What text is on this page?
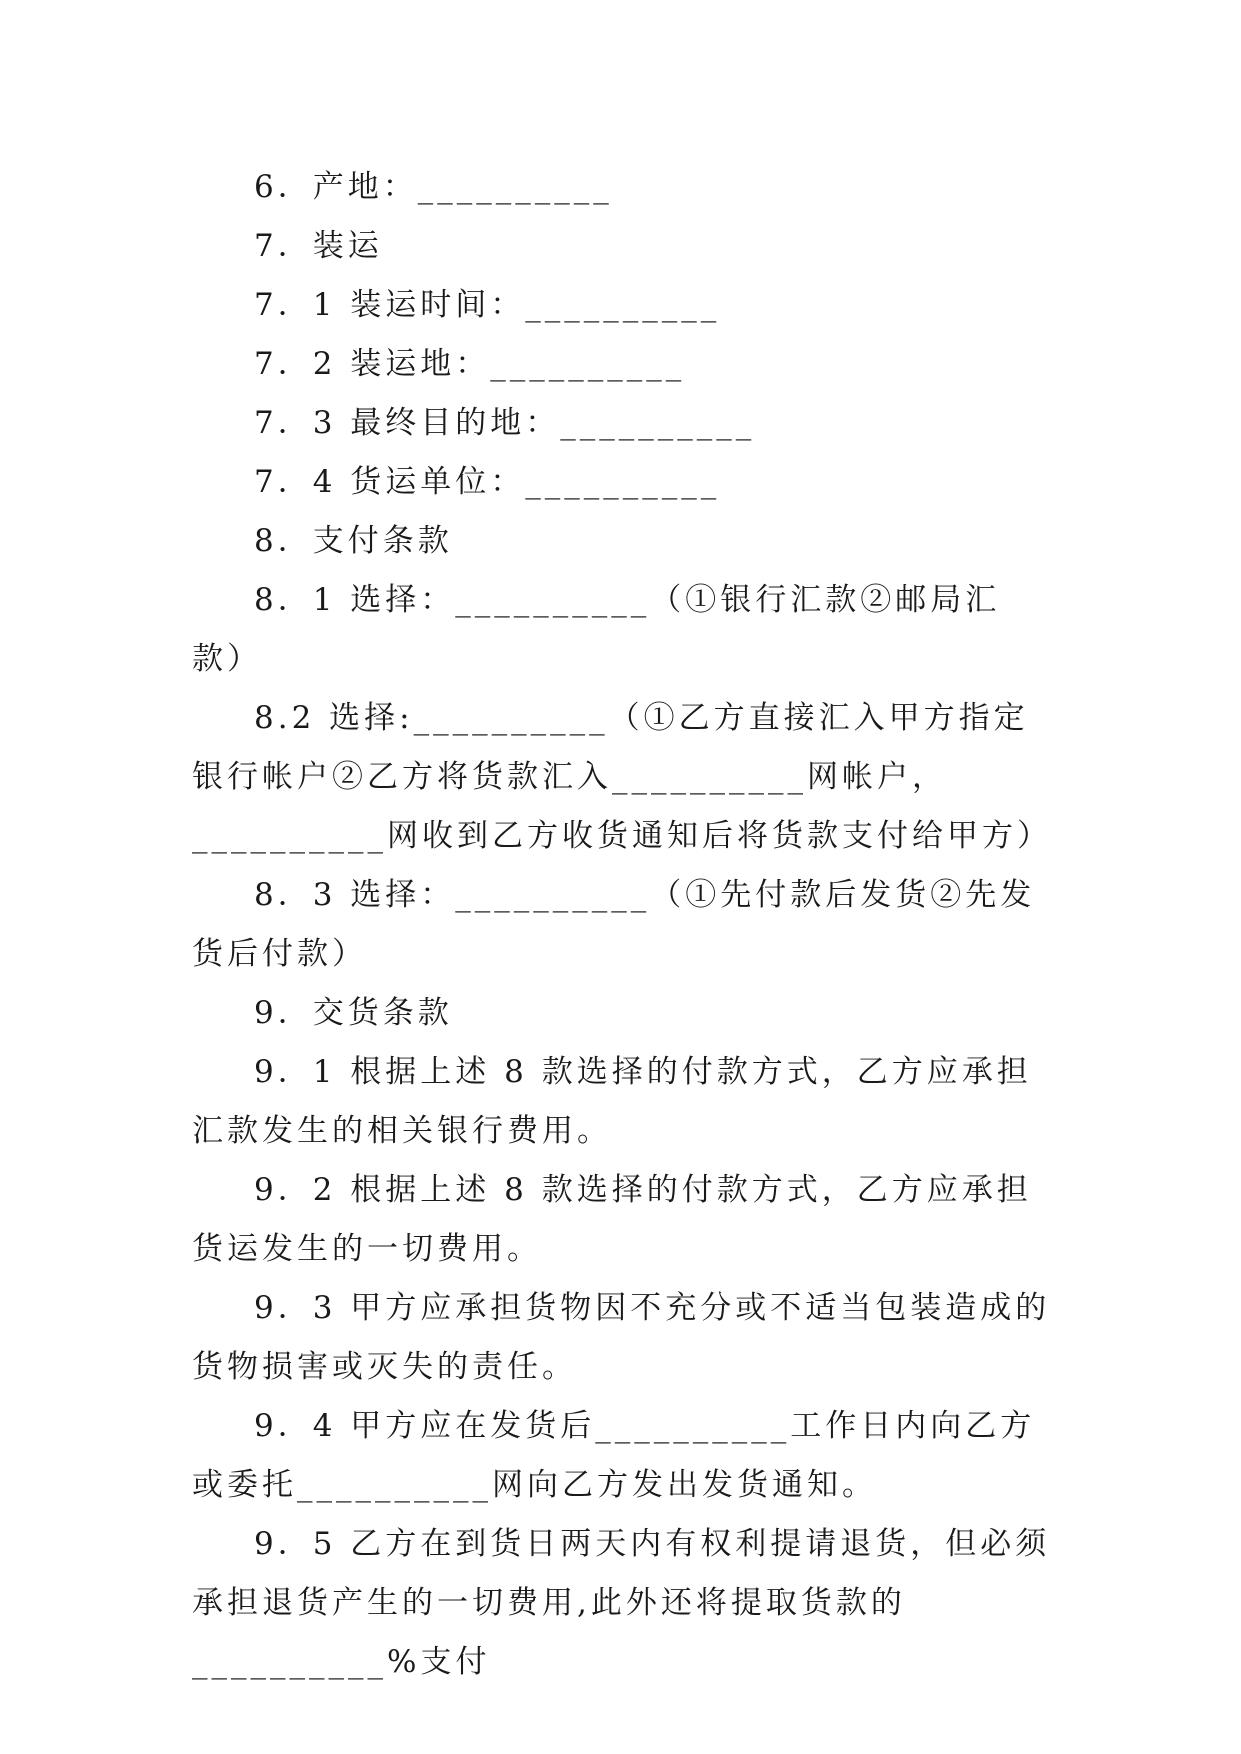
6．产地：__________

7．装运

7．1 装运时间：__________

7．2 装运地：__________

7．3 最终目的地：__________

7．4 货运单位：__________

8．支付条款

8．1 选择：__________（①银行汇款②邮局汇款）

8.2 选择:__________（①乙方直接汇入甲方指定银行帐户②乙方将货款汇入__________网帐户，__________网收到乙方收货通知后将货款支付给甲方）

8．3 选择：__________（①先付款后发货②先发货后付款）

9．交货条款

9．1 根据上述 8 款选择的付款方式，乙方应承担汇款发生的相关银行费用。

9．2 根据上述 8 款选择的付款方式，乙方应承担货运发生的一切费用。

9．3 甲方应承担货物因不充分或不适当包装造成的货物损害或灭失的责任。

9．4 甲方应在发货后__________工作日内向乙方或委托__________网向乙方发出发货通知。

9．5 乙方在到货日两天内有权利提请退货，但必须承担退货产生的一切费用,此外还将提取货款的__________%支付
